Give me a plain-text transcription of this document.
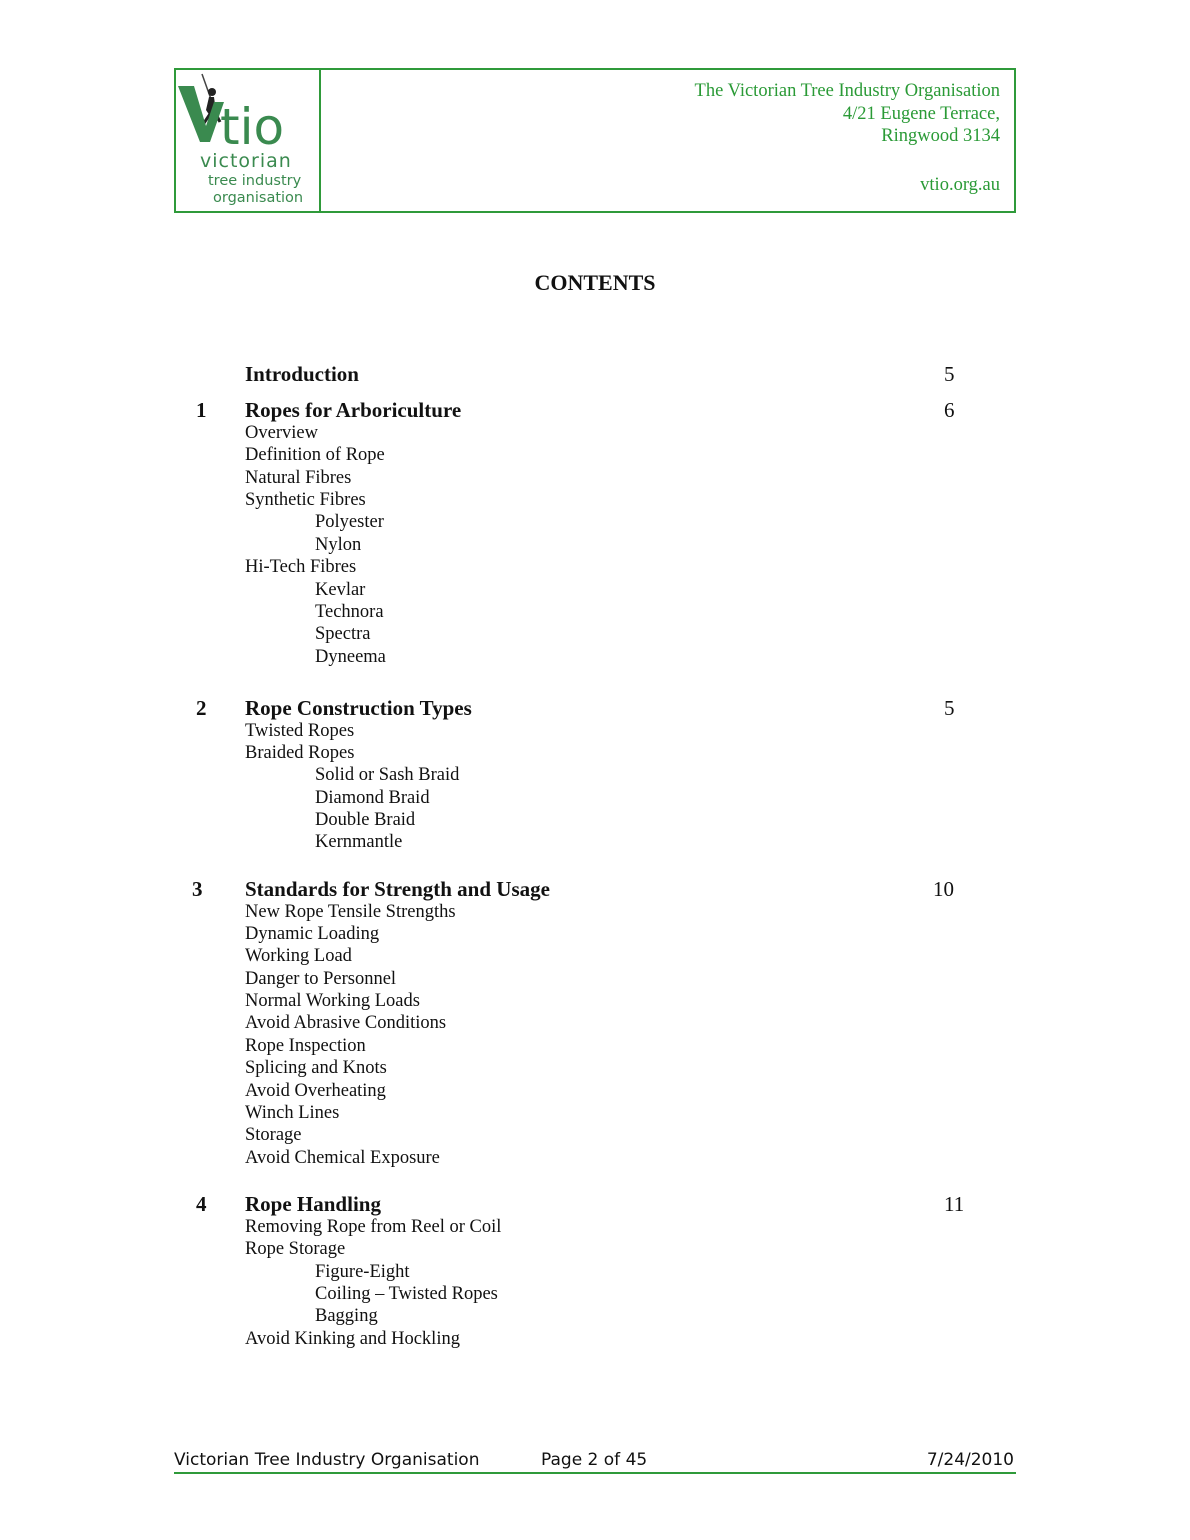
tio
victorian
tree industry
organisation
The Victorian Tree Industry Organisation
4/21 Eugene Terrace,
Ringwood 3134
vtio.org.au
CONTENTS
Introduction	5
1 Ropes for Arboriculture	6
Overview
Definition of Rope
Natural Fibres
Synthetic Fibres
Polyester
Nylon
Hi-Tech Fibres
Kevlar
Technora
Spectra
Dyneema
2 Rope Construction Types	5
Twisted Ropes
Braided Ropes
Solid or Sash Braid
Diamond Braid
Double Braid
Kernmantle
3 Standards for Strength and Usage	10
New Rope Tensile Strengths
Dynamic Loading
Working Load
Danger to Personnel
Normal Working Loads
Avoid Abrasive Conditions
Rope Inspection
Splicing and Knots
Avoid Overheating
Winch Lines
Storage
Avoid Chemical Exposure
4 Rope Handling	11
Removing Rope from Reel or Coil
Rope Storage
Figure-Eight
Coiling – Twisted Ropes
Bagging
Avoid Kinking and Hockling
Victorian Tree Industry Organisation	Page 2 of 45	7/24/2010
